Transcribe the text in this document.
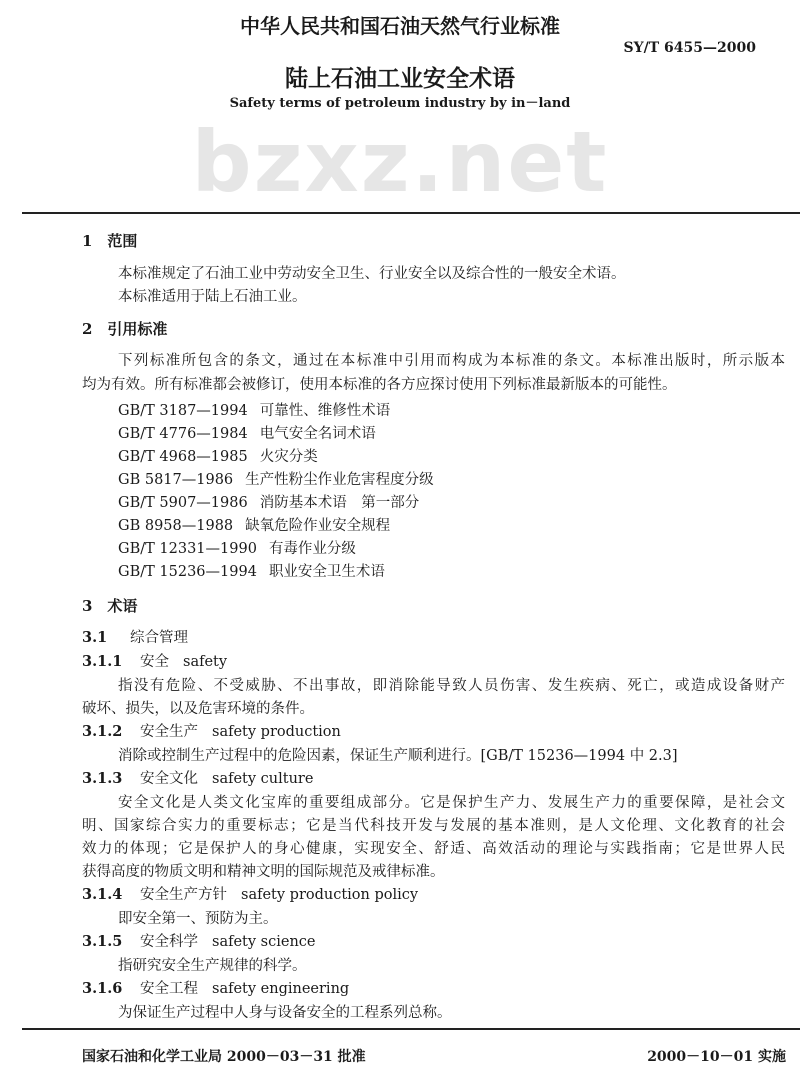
bzxz.net
中华人民共和国石油天然气行业标准
SY/T 6455—2000
陆上石油工业安全术语
Safety terms of petroleum industry by in－land
1　范围
本标准规定了石油工业中劳动安全卫生、行业安全以及综合性的一般安全术语。
本标准适用于陆上石油工业。
2　引用标准
下列标准所包含的条文，通过在本标准中引用而构成为本标准的条文。本标准出版时，所示版本
均为有效。所有标准都会被修订，使用本标准的各方应探讨使用下列标准最新版本的可能性。
GB/T 3187—1994 可靠性、维修性术语
GB/T 4776—1984 电气安全名词术语
GB/T 4968—1985 火灾分类
GB 5817—1986 生产性粉尘作业危害程度分级
GB/T 5907—1986 消防基本术语　第一部分
GB 8958—1988 缺氧危险作业安全规程
GB/T 12331—1990 有毒作业分级
GB/T 15236—1994 职业安全卫生术语
3　术语
3.1 综合管理
3.1.1 安全 safety
指没有危险、不受威胁、不出事故，即消除能导致人员伤害、发生疾病、死亡，或造成设备财产
破坏、损失，以及危害环境的条件。
3.1.2 安全生产 safety production
消除或控制生产过程中的危险因素，保证生产顺利进行。[GB/T 15236—1994 中 2.3]
3.1.3 安全文化 safety culture
安全文化是人类文化宝库的重要组成部分。它是保护生产力、发展生产力的重要保障，是社会文
明、国家综合实力的重要标志；它是当代科技开发与发展的基本准则，是人文伦理、文化教育的社会
效力的体现；它是保护人的身心健康，实现安全、舒适、高效活动的理论与实践指南；它是世界人民
获得高度的物质文明和精神文明的国际规范及戒律标准。
3.1.4 安全生产方针 safety production policy
即安全第一、预防为主。
3.1.5 安全科学 safety science
指研究安全生产规律的科学。
3.1.6 安全工程 safety engineering
为保证生产过程中人身与设备安全的工程系列总称。
国家石油和化学工业局 2000－03－31 批准	2000－10－01 实施
